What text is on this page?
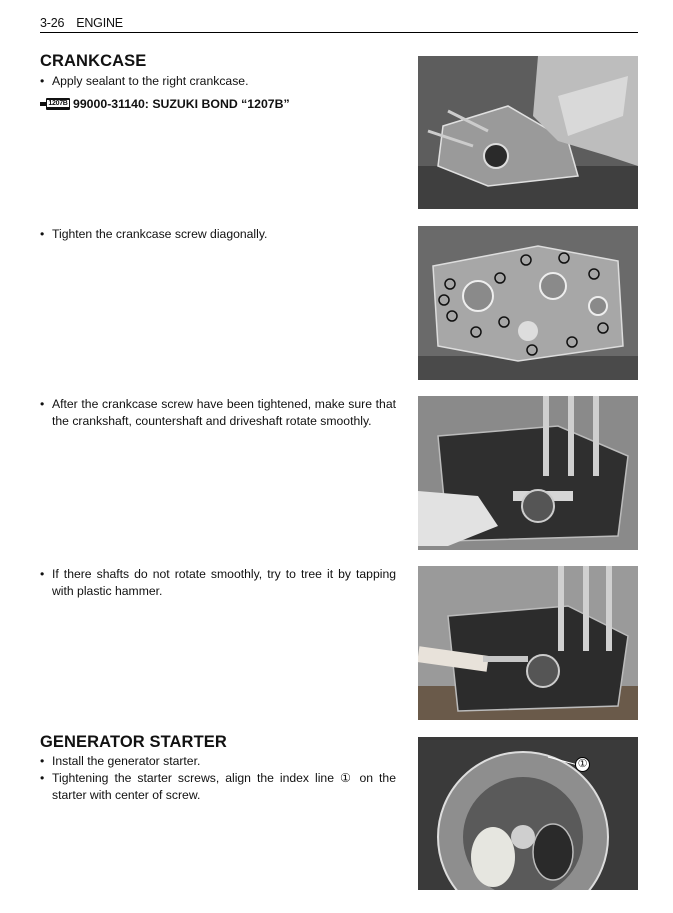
3-26 ENGINE
CRANKCASE
• Apply sealant to the right crankcase.
1207B 99000-31140: SUZUKI BOND “1207B”
• Tighten the crankcase screw diagonally.
• After the crankcase screw have been tightened, make sure that the crankshaft, countershaft and driveshaft rotate smoothly.
• If there shafts do not rotate smoothly, try to tree it by tapping with plastic hammer.
GENERATOR STARTER
• Install the generator starter.
• Tightening the starter screws, align the index line ① on the starter with center of screw.
①
